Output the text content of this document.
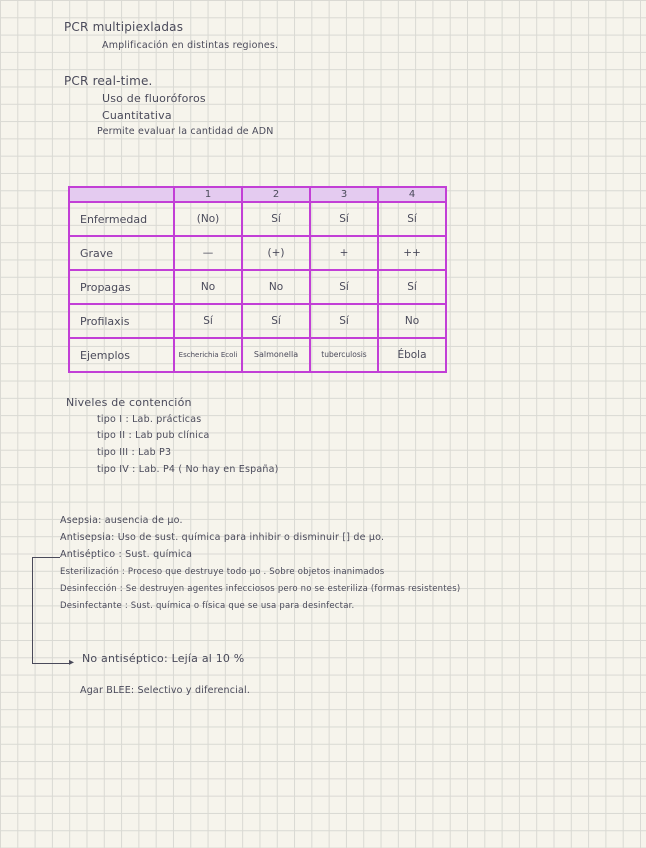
PCR multipiexladas
Amplificación en distintas regiones.
PCR real-time.
Uso de fluoróforos
Cuantitativa
Permite evaluar la cantidad de ADN
	1	2	3	4
Enfermedad	(No)	Sí	Sí	Sí
Grave	—	(+)	+	++
Propagas	No	No	Sí	Sí
Profilaxis	Sí	Sí	Sí	No
Ejemplos	Escherichia Ecoli	Salmonella	tuberculosis	Ébola
Niveles de contención
tipo I : Lab. prácticas
tipo II : Lab pub clínica
tipo III : Lab P3
tipo IV : Lab. P4 ( No hay en España)
Asepsia: ausencia de µo.
Antisepsia: Uso de sust. química para inhibir o disminuir [] de µo.
Antiséptico : Sust. química
Esterilización : Proceso que destruye todo µo . Sobre objetos inanimados
Desinfección : Se destruyen agentes infecciosos pero no se esteriliza (formas resistentes)
Desinfectante : Sust. química o física que se usa para desinfectar.
▸ No antiséptico: Lejía al 10 %
Agar BLEE: Selectivo y diferencial.
